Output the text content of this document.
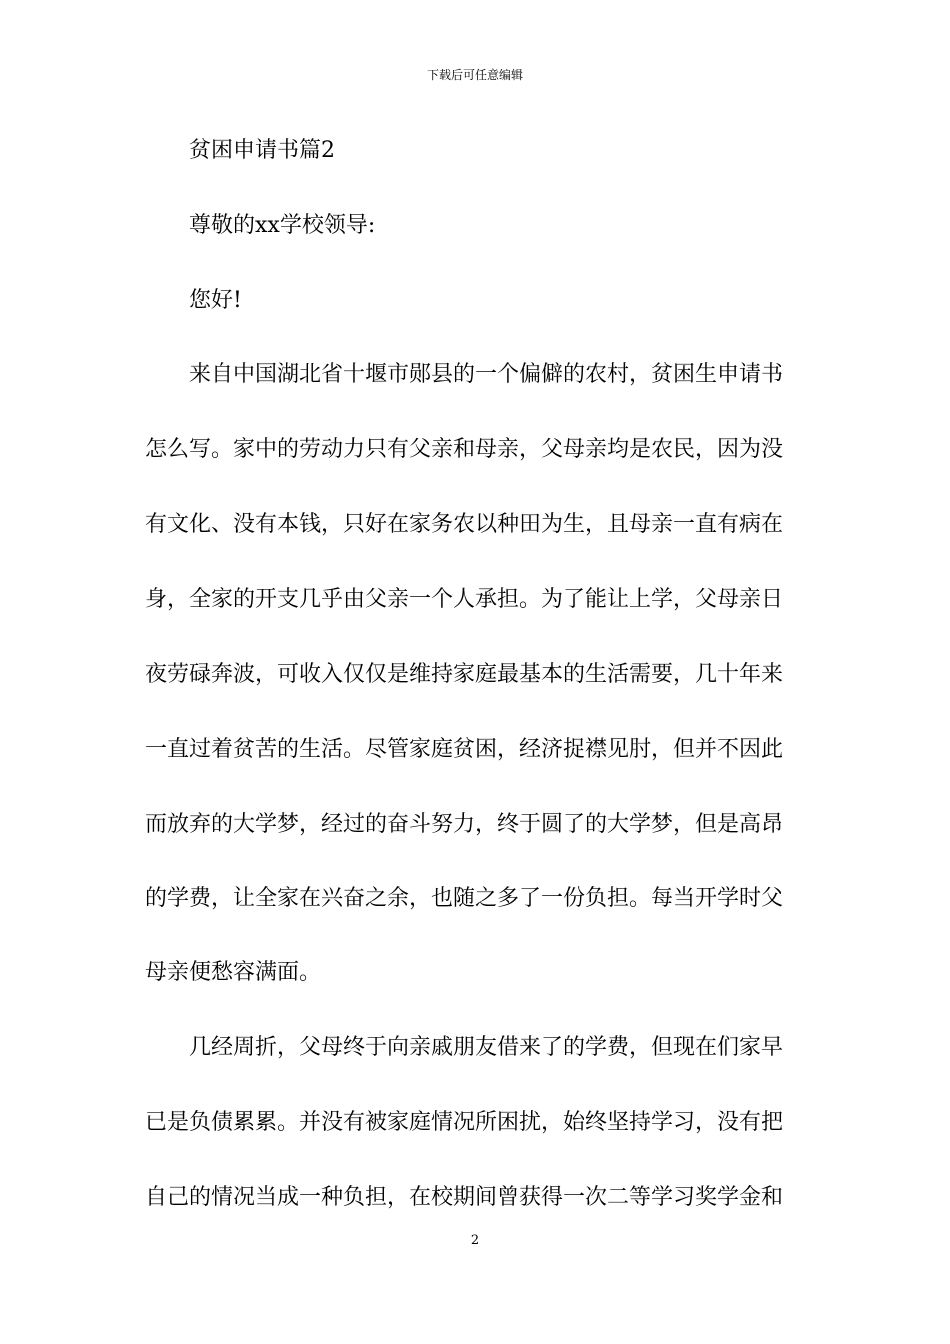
下载后可任意编辑
贫困申请书篇2
尊敬的xx学校领导:
您好!
来自中国湖北省十堰市郧县的一个偏僻的农村，贫困生申请书
怎么写。家中的劳动力只有父亲和母亲，父母亲均是农民，因为没
有文化、没有本钱，只好在家务农以种田为生，且母亲一直有病在
身，全家的开支几乎由父亲一个人承担。为了能让上学，父母亲日
夜劳碌奔波，可收入仅仅是维持家庭最基本的生活需要，几十年来
一直过着贫苦的生活。尽管家庭贫困，经济捉襟见肘，但并不因此
而放弃的大学梦，经过的奋斗努力，终于圆了的大学梦，但是高昂
的学费，让全家在兴奋之余，也随之多了一份负担。每当开学时父
母亲便愁容满面。
几经周折，父母终于向亲戚朋友借来了的学费，但现在们家早
已是负债累累。并没有被家庭情况所困扰，始终坚持学习，没有把
自己的情况当成一种负担，在校期间曾获得一次二等学习奖学金和
2
